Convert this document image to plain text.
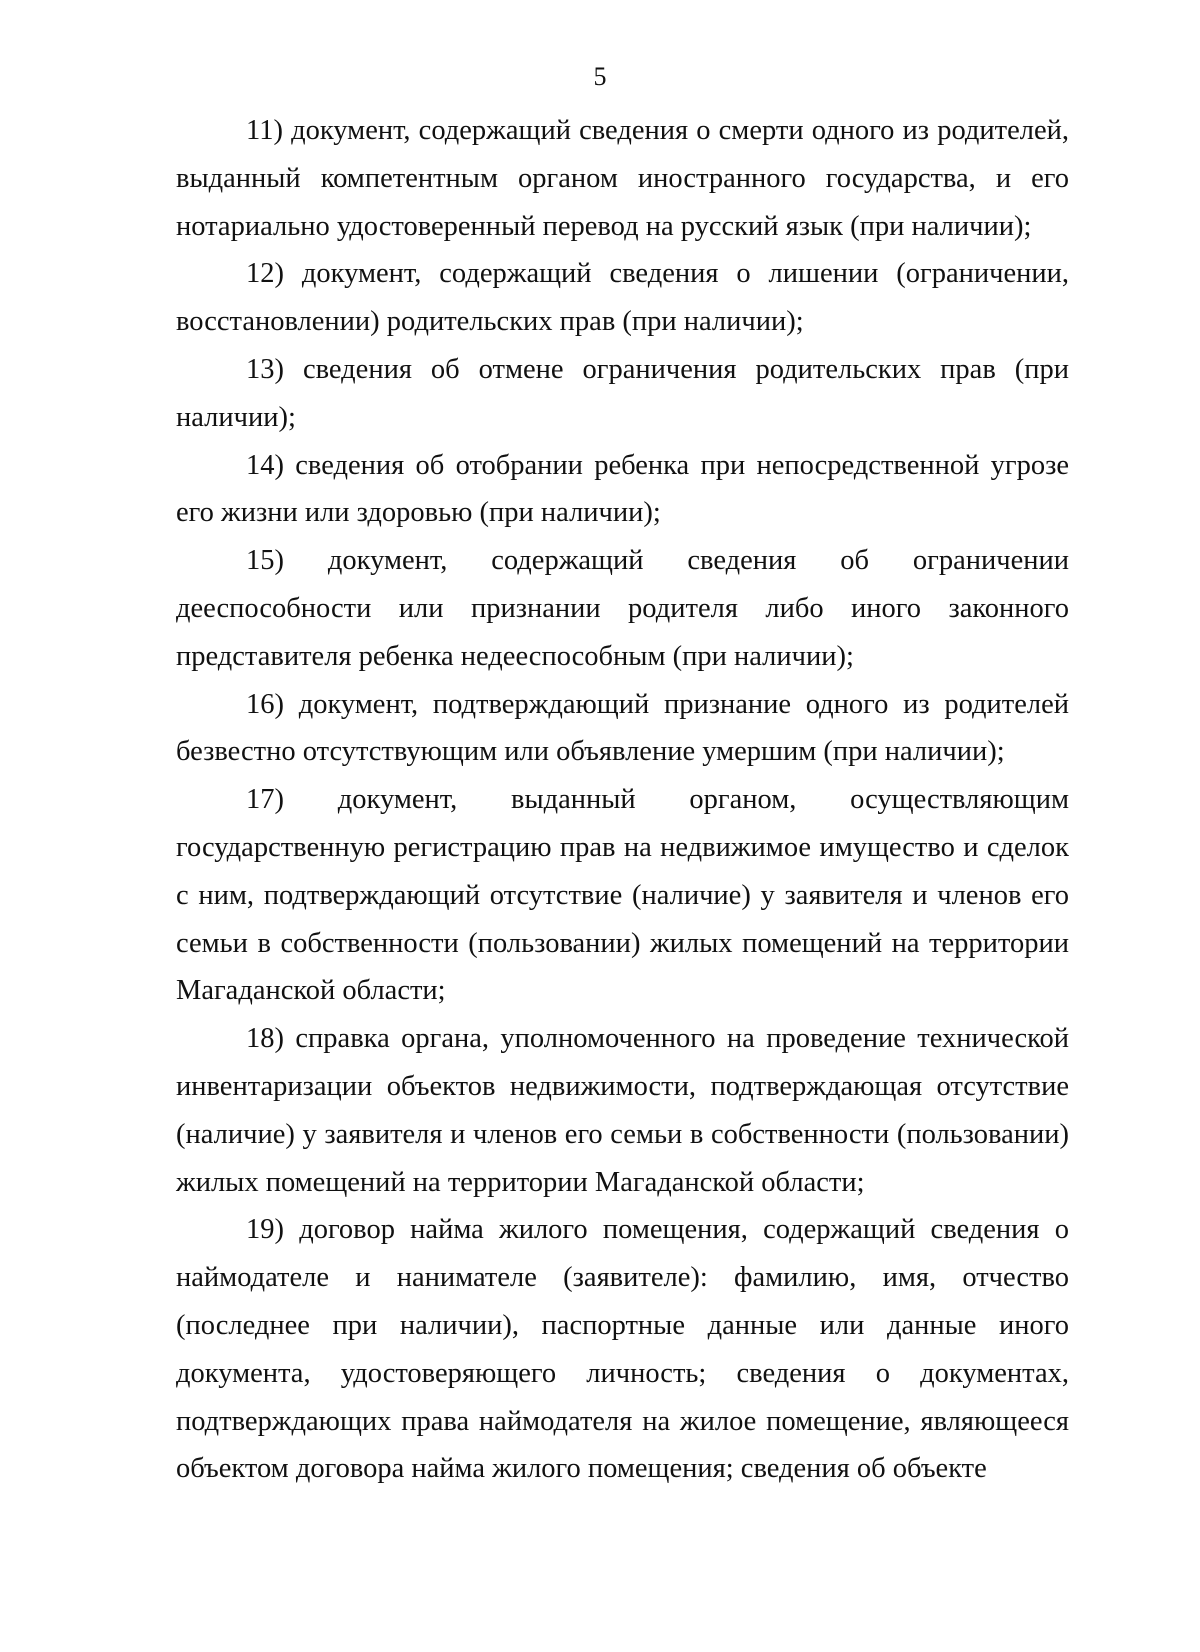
5

11) документ, содержащий сведения о смерти одного из родителей, выданный компетентным органом иностранного государства, и его нотариально удостоверенный перевод на русский язык (при наличии);

12) документ, содержащий сведения о лишении (ограничении, восстановлении) родительских прав (при наличии);

13) сведения об отмене ограничения родительских прав (при наличии);

14) сведения об отобрании ребенка при непосредственной угрозе его жизни или здоровью (при наличии);

15) документ, содержащий сведения об ограничении дееспособности или признании родителя либо иного законного представителя ребенка недееспособным (при наличии);

16) документ, подтверждающий признание одного из родителей безвестно отсутствующим или объявление умершим (при наличии);

17) документ, выданный органом, осуществляющим государственную регистрацию прав на недвижимое имущество и сделок с ним, подтверждающий отсутствие (наличие) у заявителя и членов его семьи в собственности (пользовании) жилых помещений на территории Магаданской области;

18) справка органа, уполномоченного на проведение технической инвентаризации объектов недвижимости, подтверждающая отсутствие (наличие) у заявителя и членов его семьи в собственности (пользовании) жилых помещений на территории Магаданской области;

19) договор найма жилого помещения, содержащий сведения о наймодателе и нанимателе (заявителе): фамилию, имя, отчество (последнее при наличии), паспортные данные или данные иного документа, удостоверяющего личность; сведения о документах, подтверждающих права наймодателя на жилое помещение, являющееся объектом договора найма жилого помещения; сведения об объекте
